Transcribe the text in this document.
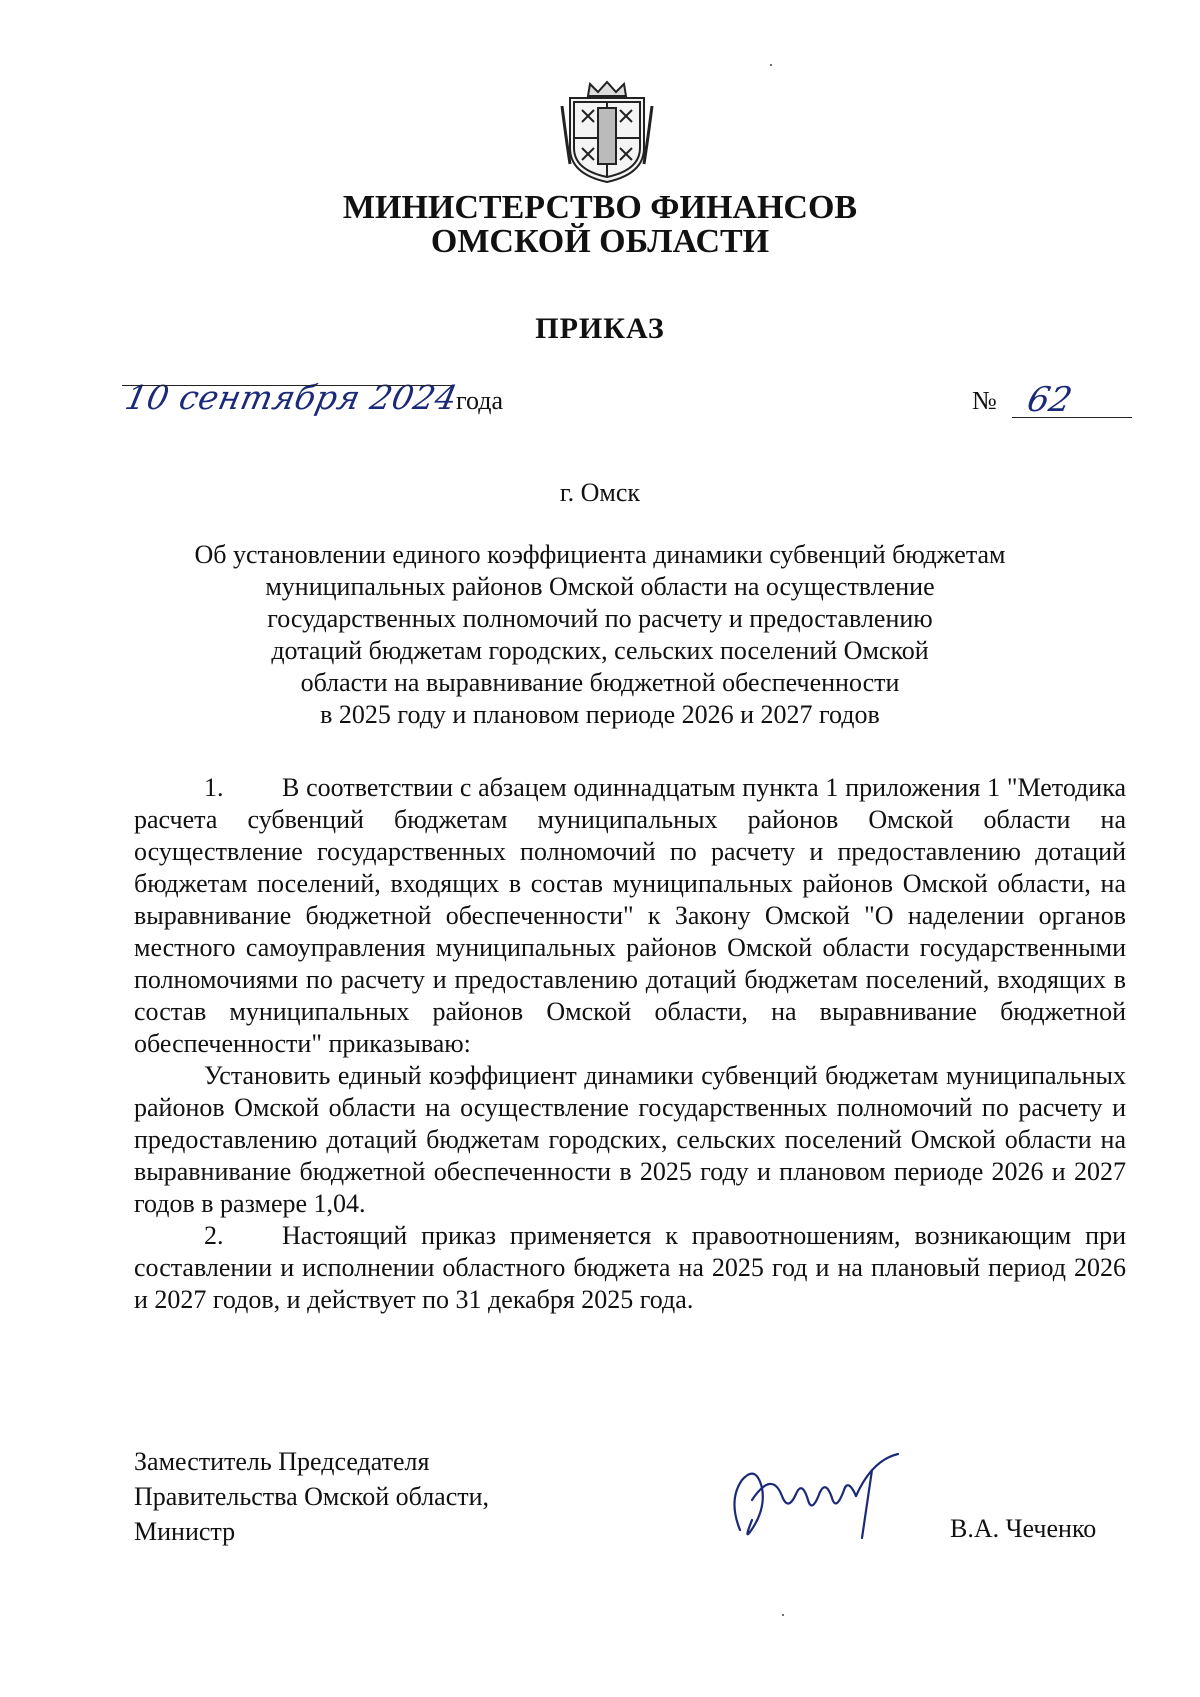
МИНИСТЕРСТВО ФИНАНСОВ
ОМСКОЙ ОБЛАСТИ
ПРИКАЗ
10 сентября 2024
года	№ 62
г. Омск
Об установлении единого коэффициента динамики субвенций бюджетам
муниципальных районов Омской области на осуществление
государственных полномочий по расчету и предоставлению
дотаций бюджетам городских, сельских поселений Омской
области на выравнивание бюджетной обеспеченности
в 2025 году и плановом периоде 2026 и 2027 годов

1. В соответствии с абзацем одиннадцатым пункта 1 приложения 1 "Методика расчета субвенций бюджетам муниципальных районов Омской области на осуществление государственных полномочий по расчету и предоставлению дотаций бюджетам поселений, входящих в состав муниципальных районов Омской области, на выравнивание бюджетной обеспеченности" к Закону Омской "О наделении органов местного самоуправления муниципальных районов Омской области государственными полномочиями по расчету и предоставлению дотаций бюджетам поселений, входящих в состав муниципальных районов Омской области, на выравнивание бюджетной обеспеченности" приказываю:

Установить единый коэффициент динамики субвенций бюджетам муниципальных районов Омской области на осуществление государственных полномочий по расчету и предоставлению дотаций бюджетам городских, сельских поселений Омской области на выравнивание бюджетной обеспеченности в 2025 году и плановом периоде 2026 и 2027 годов в размере 1,04.

2. Настоящий приказ применяется к правоотношениям, возникающим при составлении и исполнении областного бюджета на 2025 год и на плановый период 2026 и 2027 годов, и действует по 31 декабря 2025 года.

Заместитель Председателя
Правительства Омской области,
Министр	В.А. Чеченко
